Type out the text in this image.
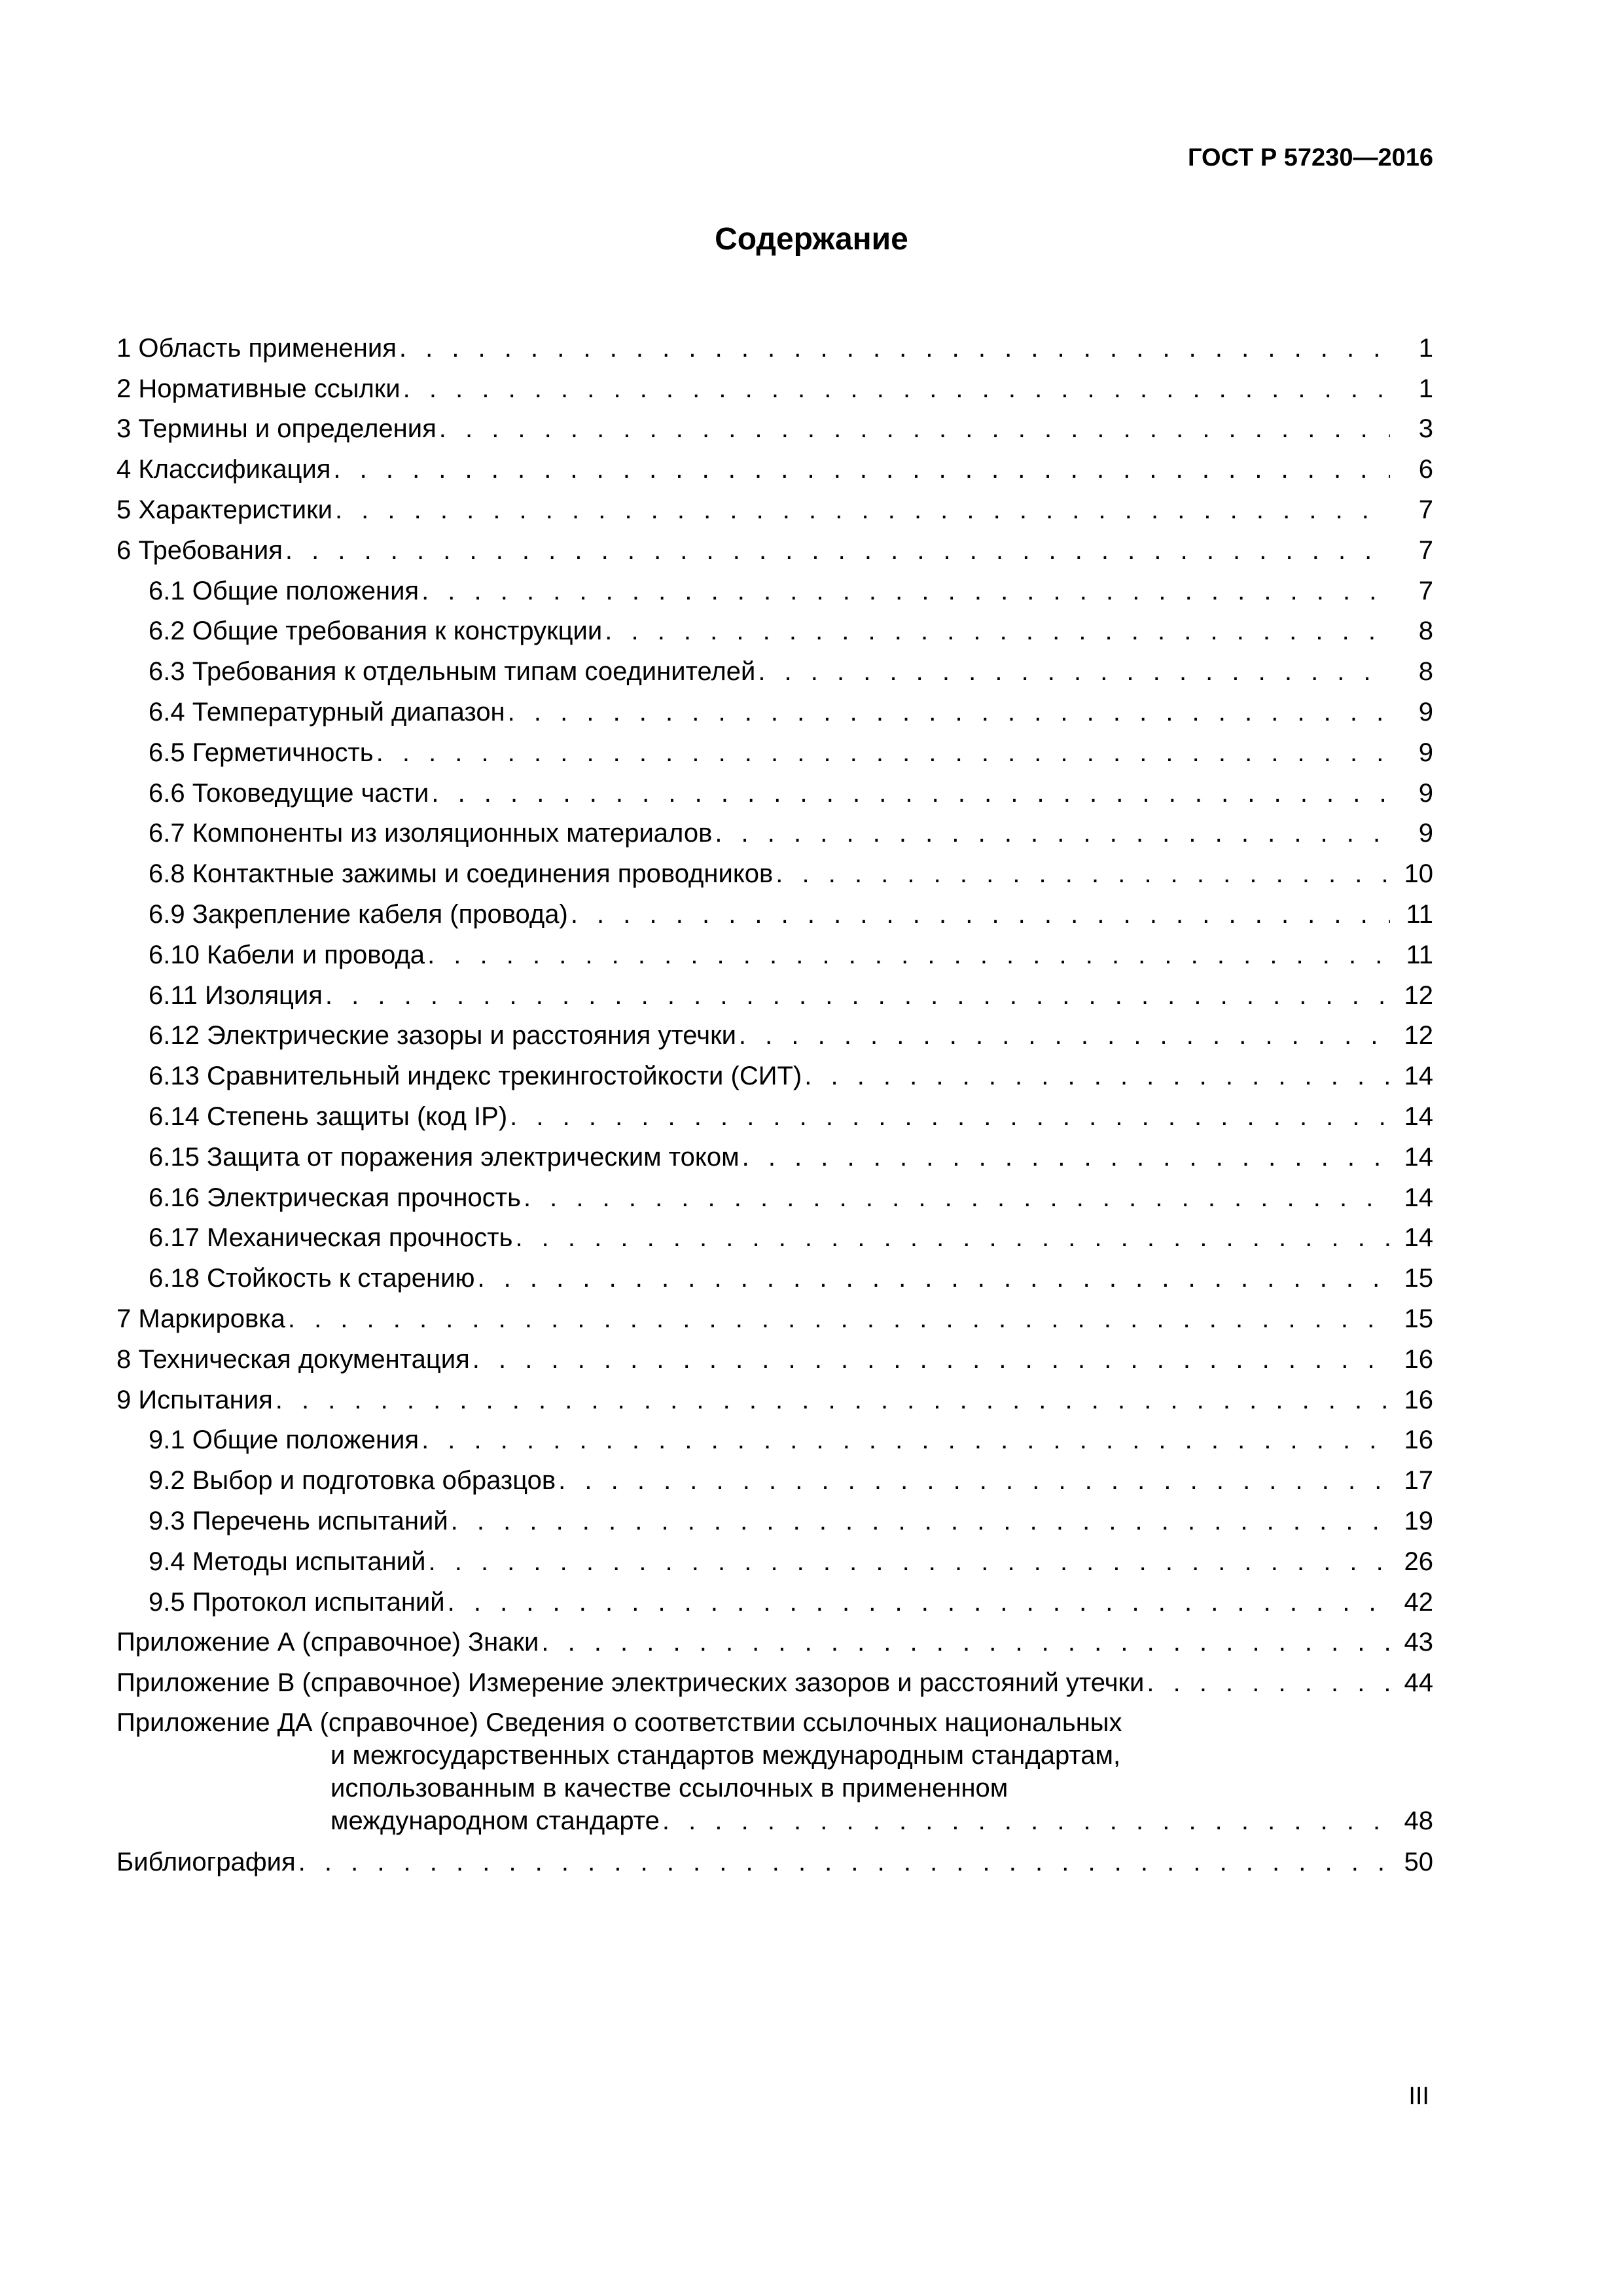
ГОСТ Р 57230—2016
Содержание
1 Область применения . . .	1
2 Нормативные ссылки . . .	1
3 Термины и определения . . .	3
4 Классификация . . .	6
5 Характеристики . . .	7
6 Требования . . .	7
6.1 Общие положения . . .	7
6.2 Общие требования к конструкции . . .	8
6.3 Требования к отдельным типам соединителей . . .	8
6.4 Температурный диапазон . . .	9
6.5 Герметичность . . .	9
6.6 Токоведущие части . . .	9
6.7 Компоненты из изоляционных материалов . . .	9
6.8 Контактные зажимы и соединения проводников . . .	10
6.9 Закрепление кабеля (провода) . . .	11
6.10 Кабели и провода . . .	11
6.11 Изоляция . . .	12
6.12 Электрические зазоры и расстояния утечки . . .	12
6.13 Сравнительный индекс трекингостойкости (СИТ) . . .	14
6.14 Степень защиты (код IP) . . .	14
6.15 Защита от поражения электрическим током . . .	14
6.16 Электрическая прочность . . .	14
6.17 Механическая прочность . . .	14
6.18 Стойкость к старению . . .	15
7 Маркировка . . .	15
8 Техническая документация . . .	16
9 Испытания . . .	16
9.1 Общие положения . . .	16
9.2 Выбор и подготовка образцов . . .	17
9.3 Перечень испытаний . . .	19
9.4 Методы испытаний . . .	26
9.5 Протокол испытаний . . .	42
Приложение А (справочное) Знаки . . .	43
Приложение В (справочное) Измерение электрических зазоров и расстояний утечки . . .	44
Приложение ДА (справочное) Сведения о соответствии ссылочных национальных
и межгосударственных стандартов международным стандартам,
использованным в качестве ссылочных в примененном
международном стандарте . . .	48
Библиография . . .	50
III
